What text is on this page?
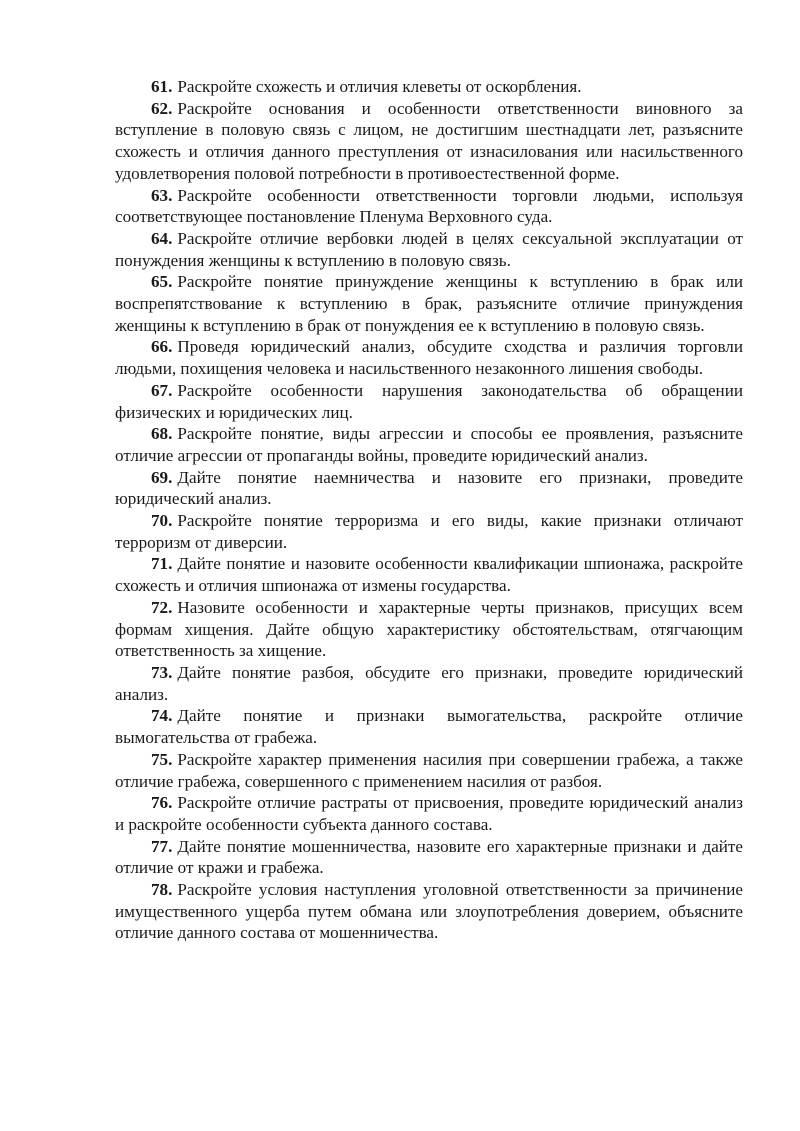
61. Раскройте схожесть и отличия клеветы от оскорбления.

62. Раскройте основания и особенности ответственности виновного за вступление в половую связь с лицом, не достигшим шестнадцати лет, разъясните схожесть и отличия данного преступления от изнасилования или насильственного удовлетворения половой потребности в противоестественной форме.

63. Раскройте особенности ответственности торговли людьми, используя соответствующее постановление Пленума Верховного суда.

64. Раскройте отличие вербовки людей в целях сексуальной эксплуатации от понуждения женщины к вступлению в половую связь.

65. Раскройте понятие принуждение женщины к вступлению в брак или воспрепятствование к вступлению в брак, разъясните отличие принуждения женщины к вступлению в брак от понуждения ее к вступлению в половую связь.

66. Проведя юридический анализ, обсудите сходства и различия торговли людьми, похищения человека и насильственного незаконного лишения свободы.

67. Раскройте особенности нарушения законодательства об обращении физических и юридических лиц.

68. Раскройте понятие, виды агрессии и способы ее проявления, разъясните отличие агрессии от пропаганды войны, проведите юридический анализ.

69. Дайте понятие наемничества и назовите его признаки, проведите юридический анализ.

70. Раскройте понятие терроризма и его виды, какие признаки отличают терроризм от диверсии.

71. Дайте понятие и назовите особенности квалификации шпионажа, раскройте схожесть и отличия шпионажа от измены государства.

72. Назовите особенности и характерные черты признаков, присущих всем формам хищения. Дайте общую характеристику обстоятельствам, отягчающим ответственность за хищение.

73. Дайте понятие разбоя, обсудите его признаки, проведите юридический анализ.

74. Дайте понятие и признаки вымогательства, раскройте отличие вымогательства от грабежа.

75. Раскройте характер применения насилия при совершении грабежа, а также отличие грабежа, совершенного с применением насилия от разбоя.

76. Раскройте отличие растраты от присвоения, проведите юридический анализ и раскройте особенности субъекта данного состава.

77. Дайте понятие мошенничества, назовите его характерные признаки и дайте отличие от кражи и грабежа.

78. Раскройте условия наступления уголовной ответственности за причинение имущественного ущерба путем обмана или злоупотребления доверием, объясните отличие данного состава от мошенничества.
